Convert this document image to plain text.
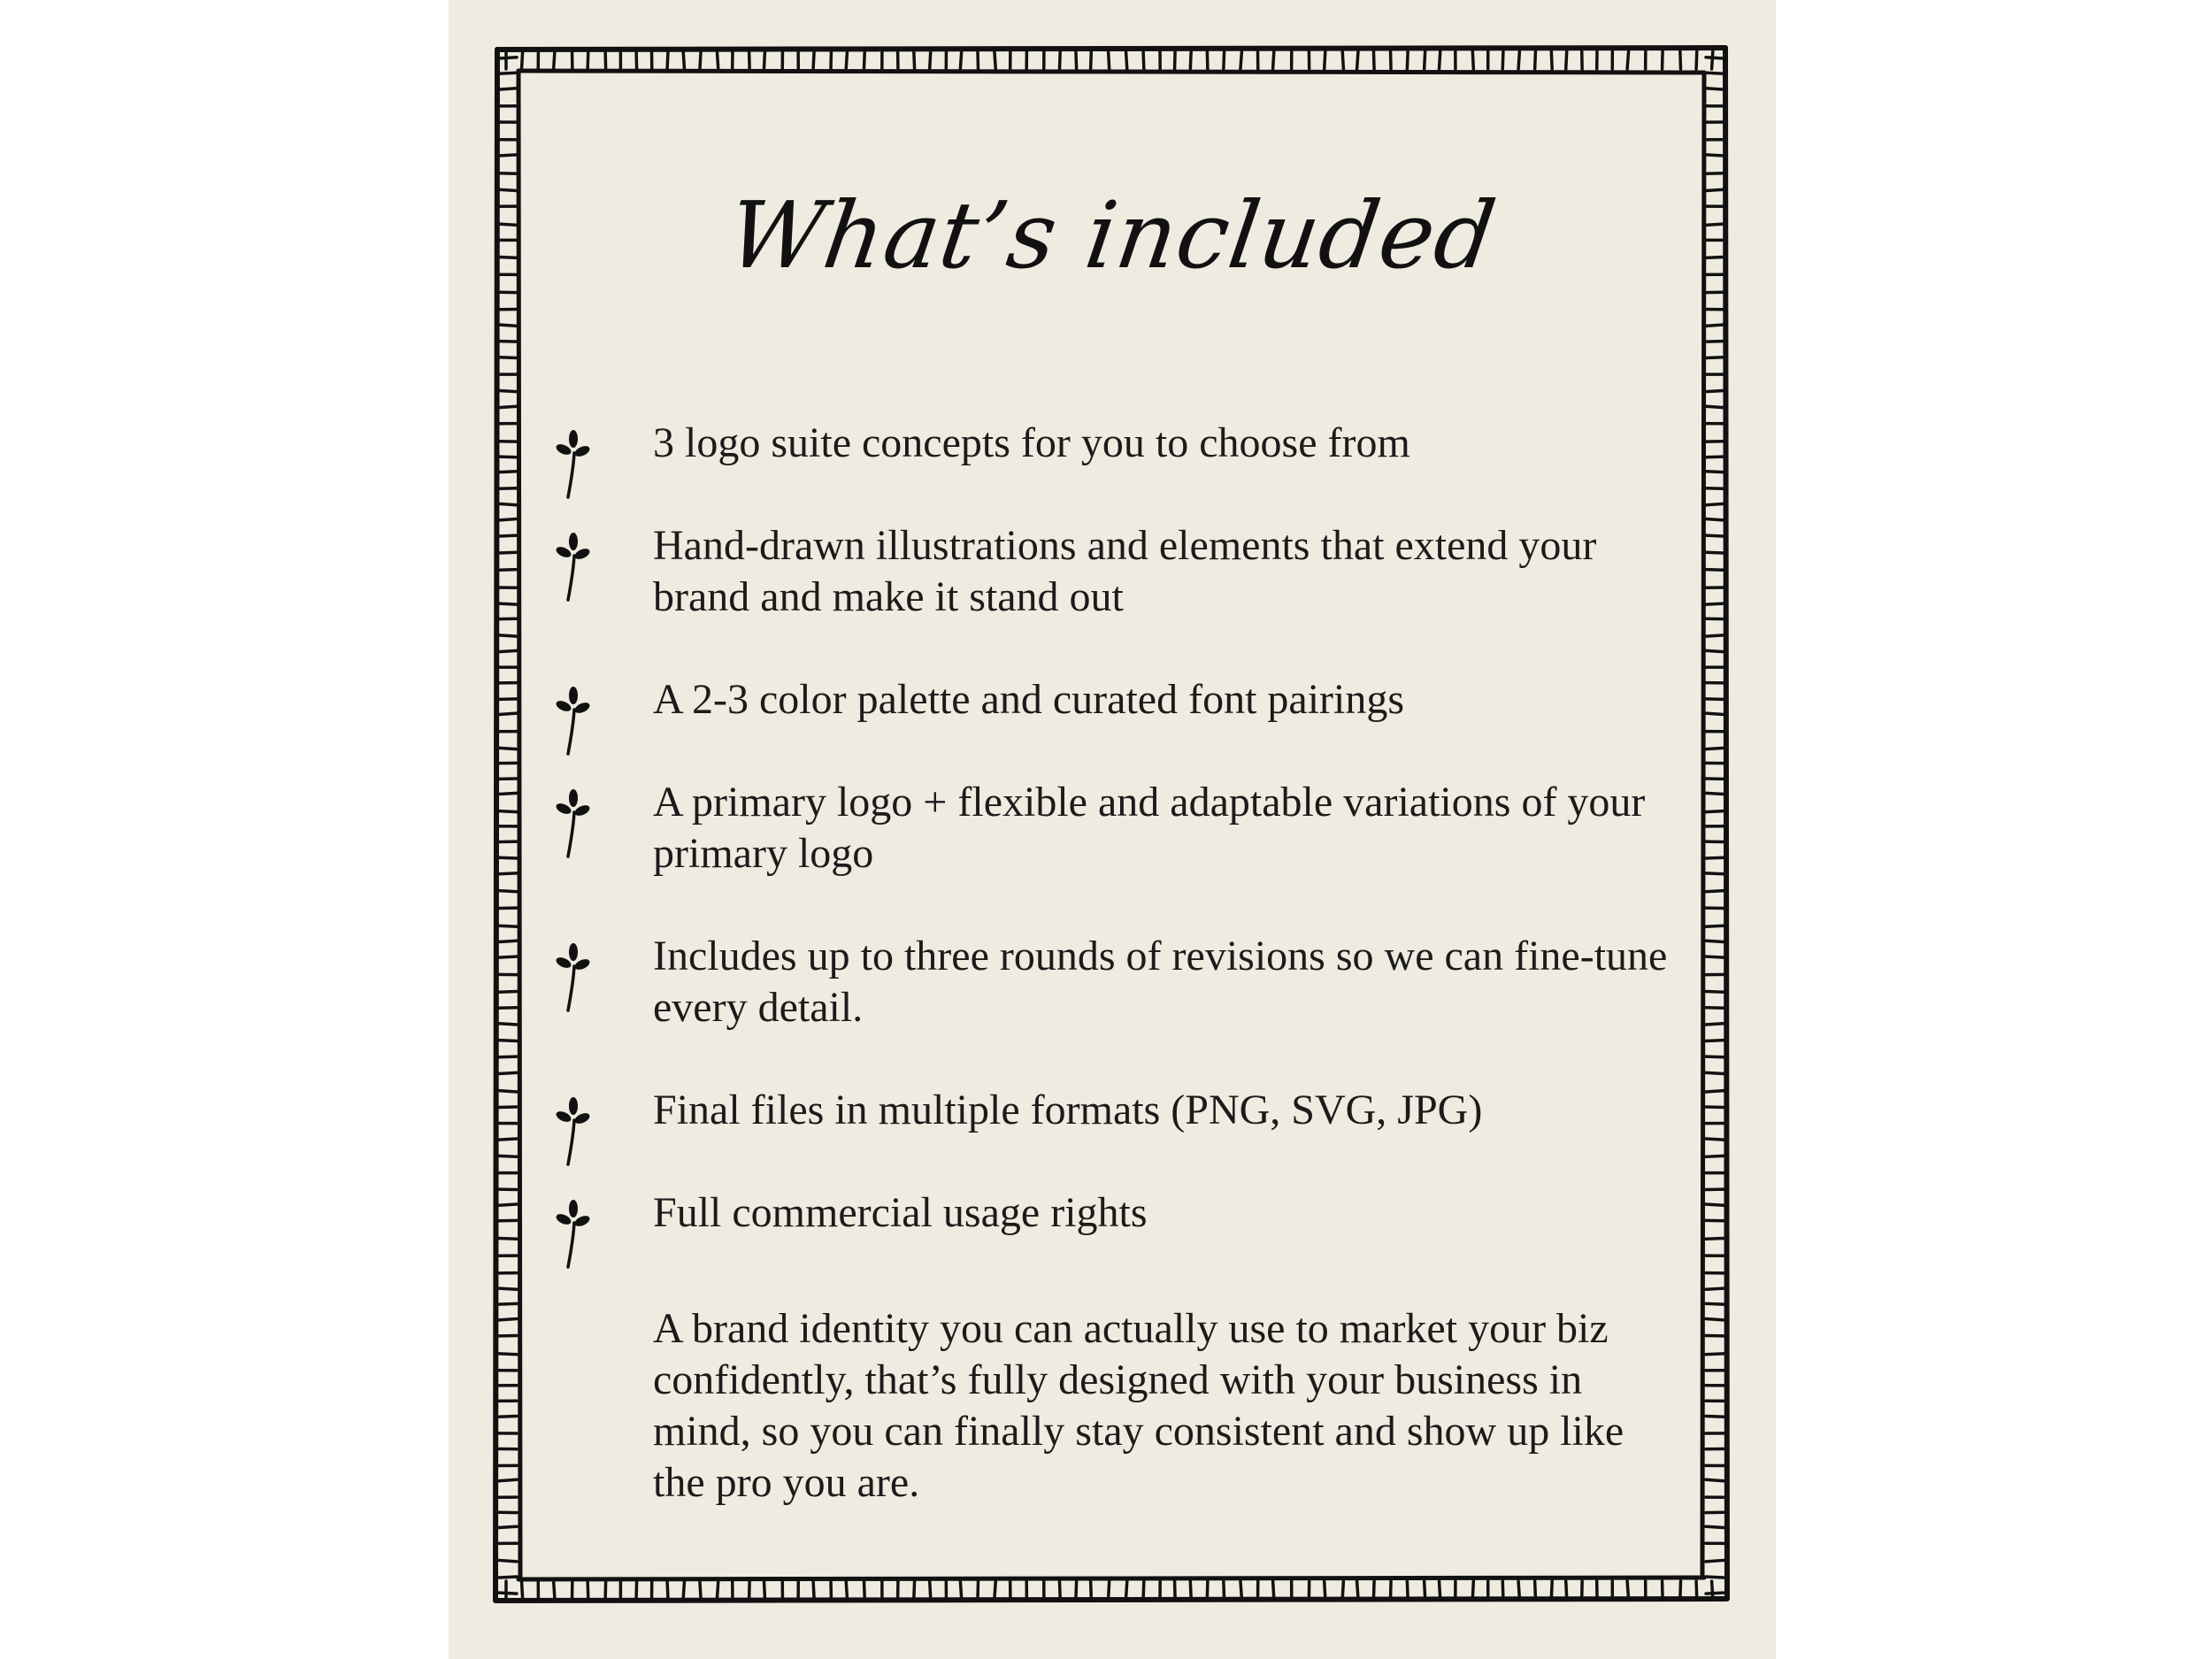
What’s included
3 logo suite concepts for you to choose from
Hand-drawn illustrations and elements that extend your brand and make it stand out
A 2-3 color palette and curated font pairings
A primary logo + flexible and adaptable variations of your primary logo
Includes up to three rounds of revisions so we can fine-tune every detail.
Final files in multiple formats (PNG, SVG, JPG)
Full commercial usage rights
A brand identity you can actually use to market your biz confidently, that’s fully designed with your business in mind, so you can finally stay consistent and show up like the pro you are.
